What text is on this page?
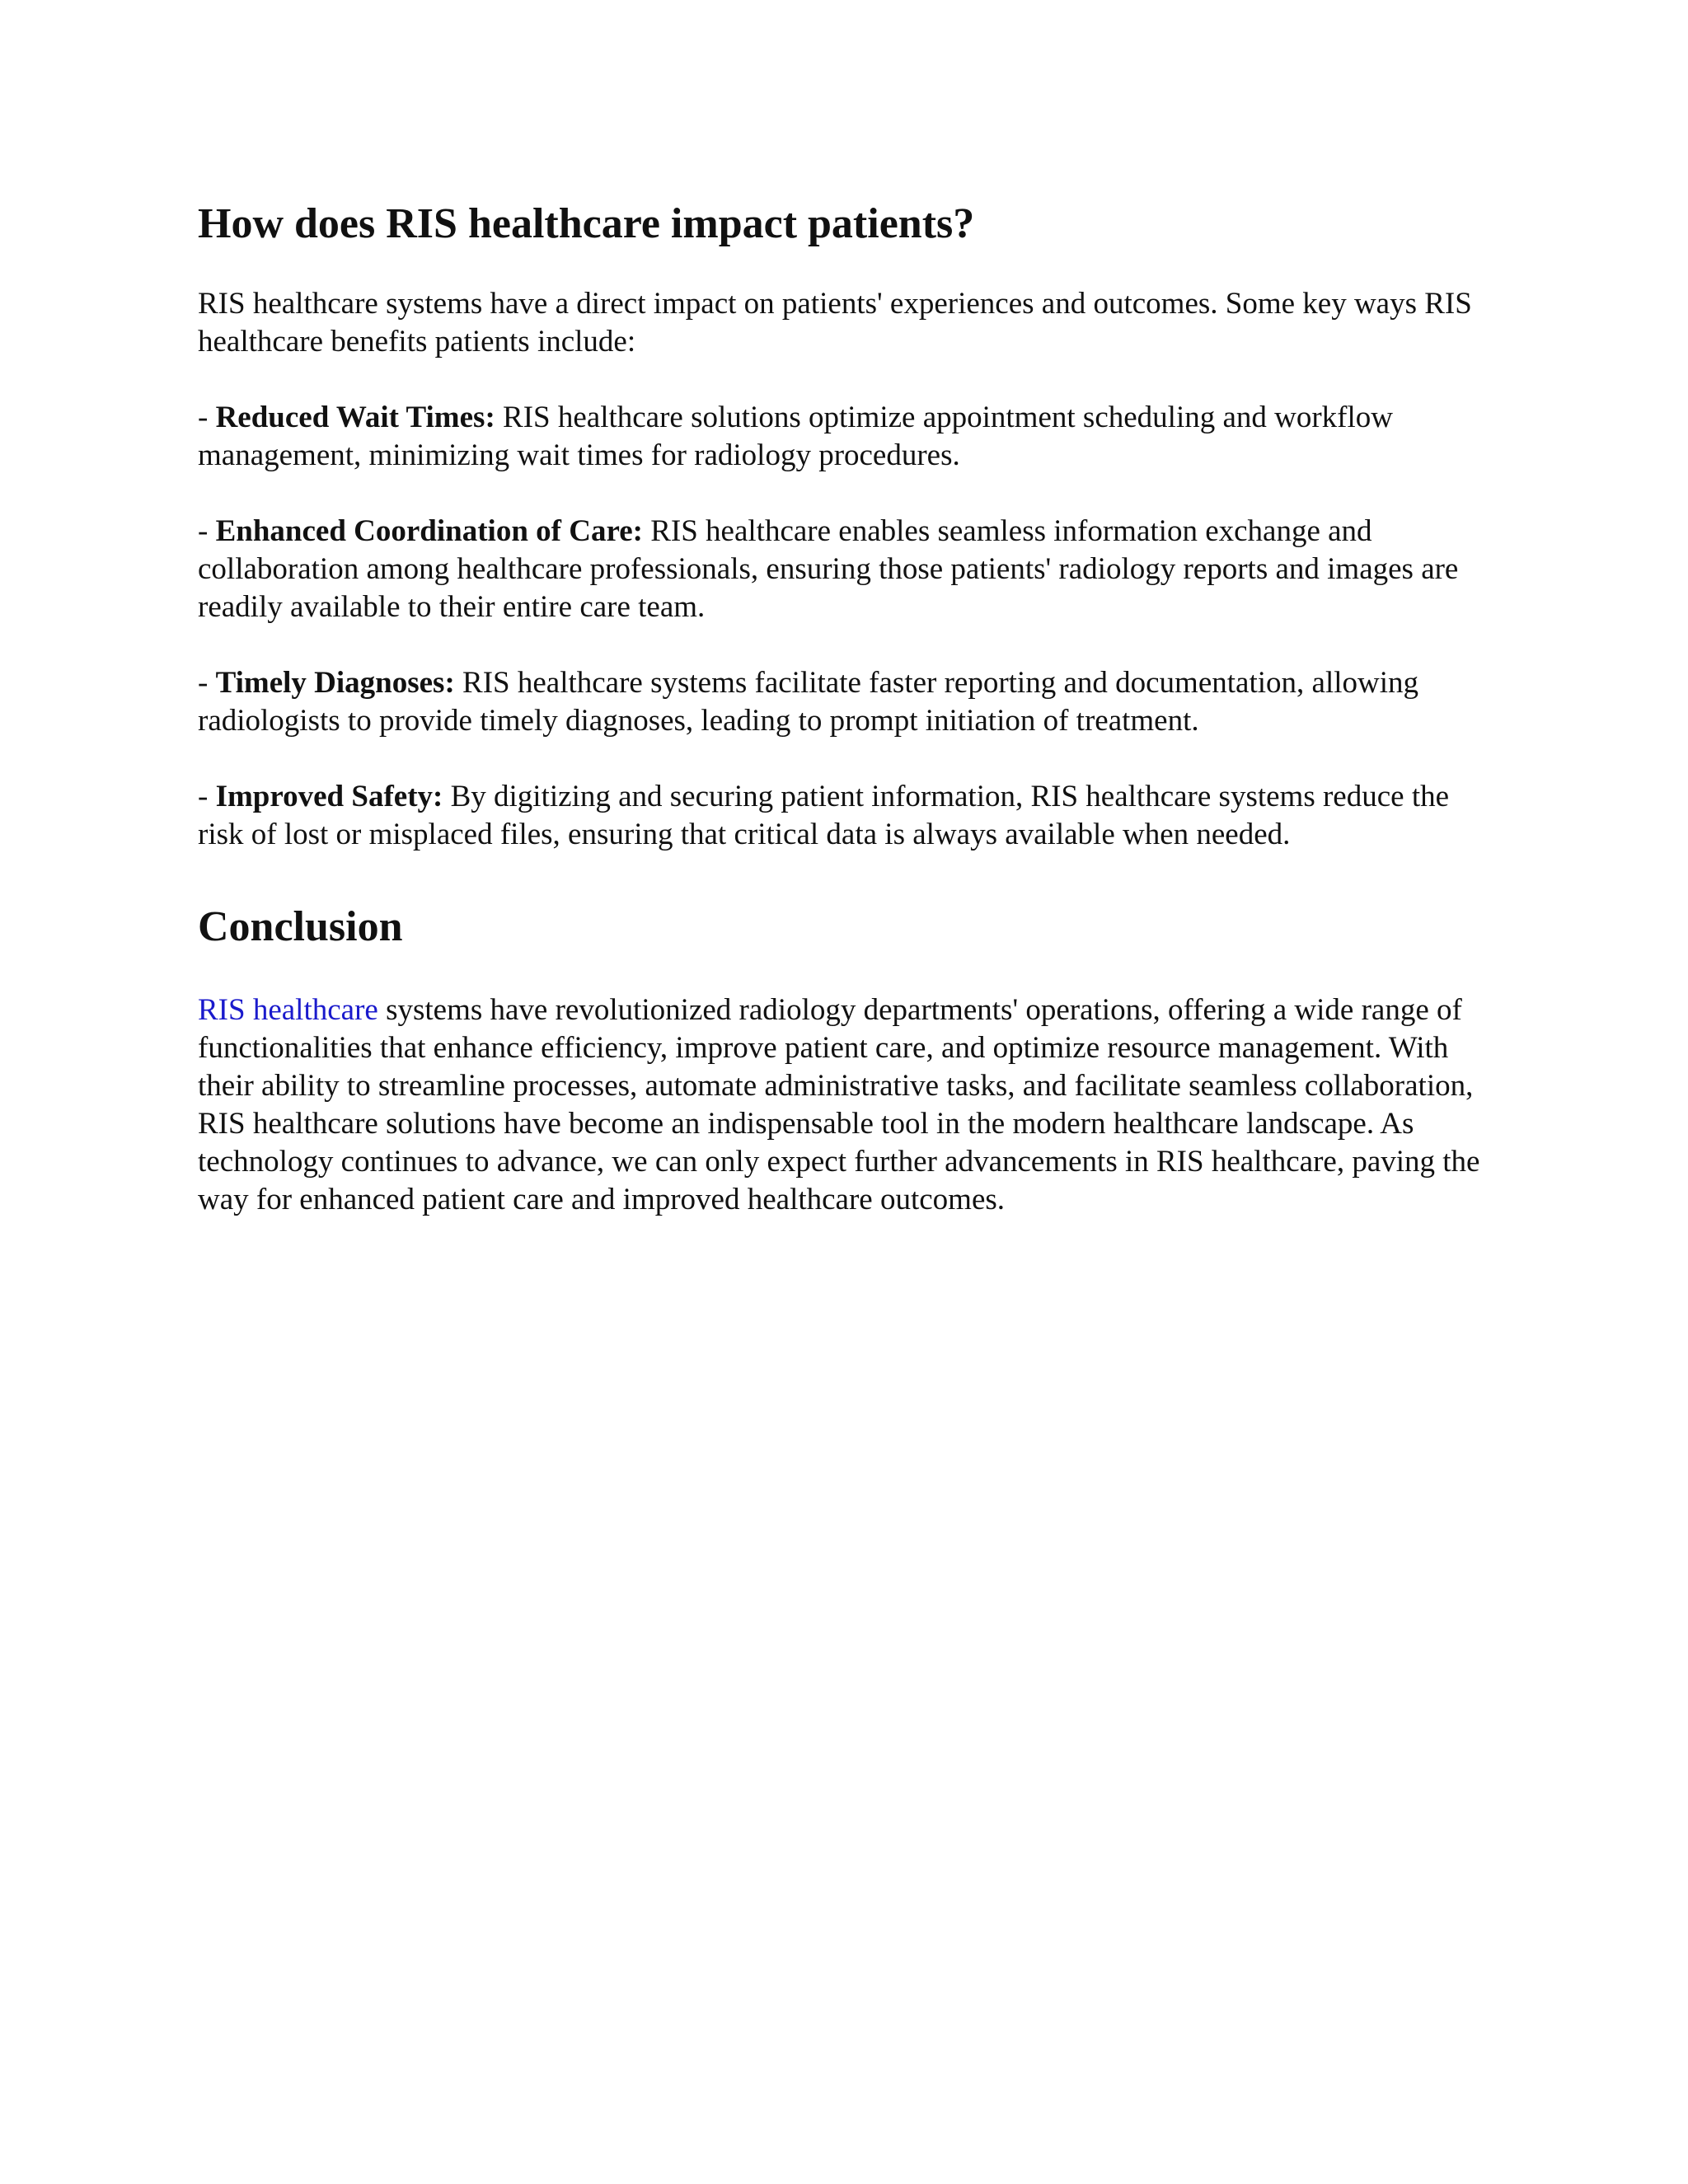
How does RIS healthcare impact patients?

RIS healthcare systems have a direct impact on patients' experiences and outcomes. Some key ways RIS healthcare benefits patients include:

- Reduced Wait Times: RIS healthcare solutions optimize appointment scheduling and workflow management, minimizing wait times for radiology procedures.

- Enhanced Coordination of Care: RIS healthcare enables seamless information exchange and collaboration among healthcare professionals, ensuring those patients' radiology reports and images are readily available to their entire care team.

- Timely Diagnoses: RIS healthcare systems facilitate faster reporting and documentation, allowing radiologists to provide timely diagnoses, leading to prompt initiation of treatment.

- Improved Safety: By digitizing and securing patient information, RIS healthcare systems reduce the risk of lost or misplaced files, ensuring that critical data is always available when needed.

Conclusion

RIS healthcare systems have revolutionized radiology departments' operations, offering a wide range of functionalities that enhance efficiency, improve patient care, and optimize resource management. With their ability to streamline processes, automate administrative tasks, and facilitate seamless collaboration, RIS healthcare solutions have become an indispensable tool in the modern healthcare landscape. As technology continues to advance, we can only expect further advancements in RIS healthcare, paving the way for enhanced patient care and improved healthcare outcomes.
